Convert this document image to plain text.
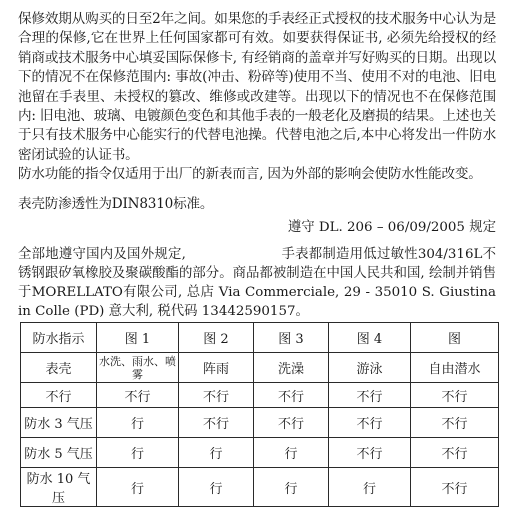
保修效期从购买的日至2年之间。如果您的手表经正式授权的技术服务中心认为是合理的保修,它在世界上任何国家都可有效。如要获得保证书, 必须先给授权的经销商或技术服务中心填妥国际保修卡, 有经销商的盖章并写好购买的日期。出现以下的情况不在保修范围内: 事故(冲击、粉碎等)使用不当、使用不对的电池、旧电池留在手表里、未授权的篡改、维修或改建等。出现以下的情况也不在保修范围内: 旧电池、玻璃、电镀颜色变色和其他手表的一般老化及磨损的结果。上述也关于只有技术服务中心能实行的代替电池操。代替电池之后,本中心将发出一件防水密闭试验的认证书。

防水功能的指令仅适用于出厂的新表而言, 因为外部的影响会使防水性能改变。

表壳防渗透性为DIN8310标准。

遵守 DL. 206 – 06/09/2005 规定

全部地遵守国内及国外规定,　　　　　　　手表都制造用低过敏性304/316L不锈钢跟矽氧橡胶及聚碳酸酯的部分。商品都被制造在中国人民共和国, 绘制并销售于MORELLATO有限公司, 总店 Via Commerciale, 29 - 35010 S. Giustina in Colle (PD) 意大利, 税代码 13442590157。

防水指示	图 1	图 2	图 3	图 4	图
表壳	水洗、雨水、喷雾	阵雨	洗澡	游泳	自由潜水
不行	不行	不行	不行	不行	不行
防水 3 气压	行	不行	不行	不行	不行
防水 5 气压	行	行	行	不行	不行
防水 10 气压	行	行	行	行	不行
